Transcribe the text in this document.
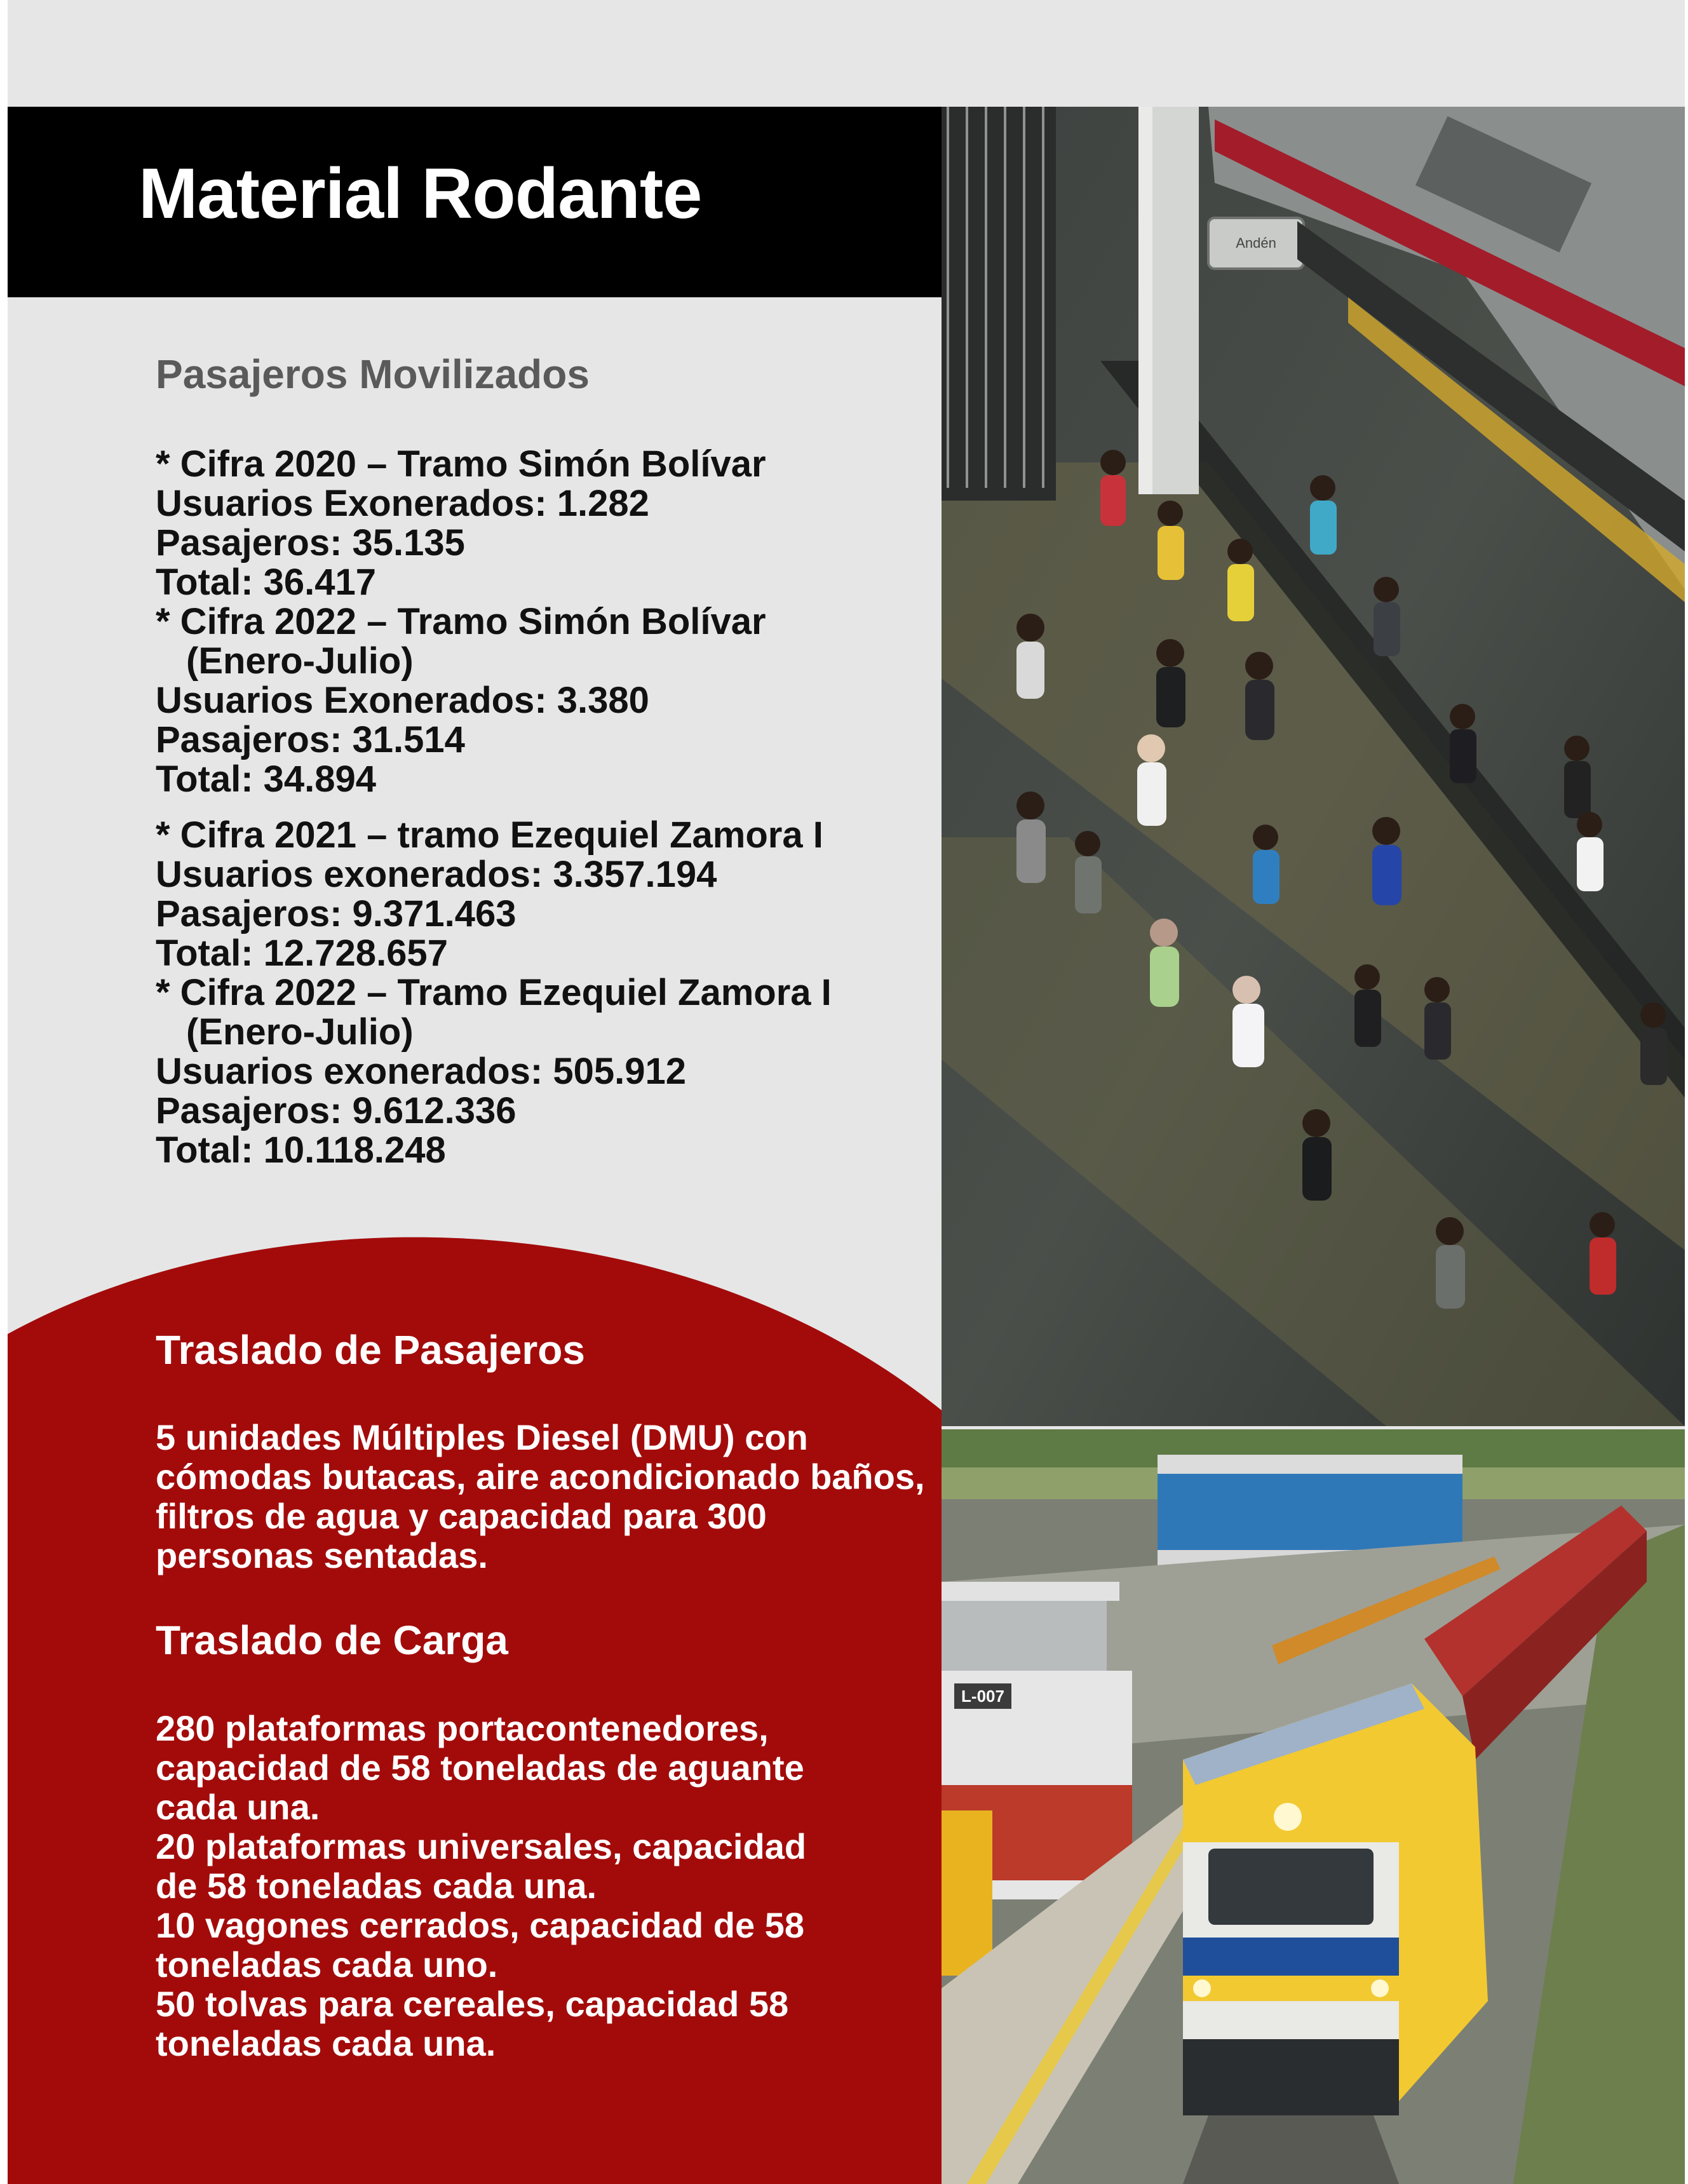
Material Rodante
Pasajeros Movilizados
* Cifra 2020 – Tramo Simón Bolívar
Usuarios Exonerados: 1.282
Pasajeros: 35.135
Total: 36.417
* Cifra 2022 – Tramo Simón Bolívar
(Enero-Julio)
Usuarios Exonerados: 3.380
Pasajeros: 31.514
Total: 34.894
* Cifra 2021 – tramo Ezequiel Zamora I
Usuarios exonerados: 3.357.194
Pasajeros: 9.371.463
Total: 12.728.657
* Cifra 2022 – Tramo Ezequiel Zamora I
(Enero-Julio)
Usuarios exonerados: 505.912
Pasajeros: 9.612.336
Total: 10.118.248
Traslado de Pasajeros
5 unidades Múltiples Diesel (DMU) con cómodas butacas, aire acondicionado baños, filtros de agua y capacidad para 300 personas sentadas.
Traslado de Carga
280 plataformas portacontenedores,
capacidad de 58 toneladas de aguante
cada una.
20 plataformas universales, capacidad
de 58 toneladas cada una.
10 vagones cerrados, capacidad de 58
toneladas cada uno.
50 tolvas para cereales, capacidad 58
toneladas cada una.
Andén
L-007
